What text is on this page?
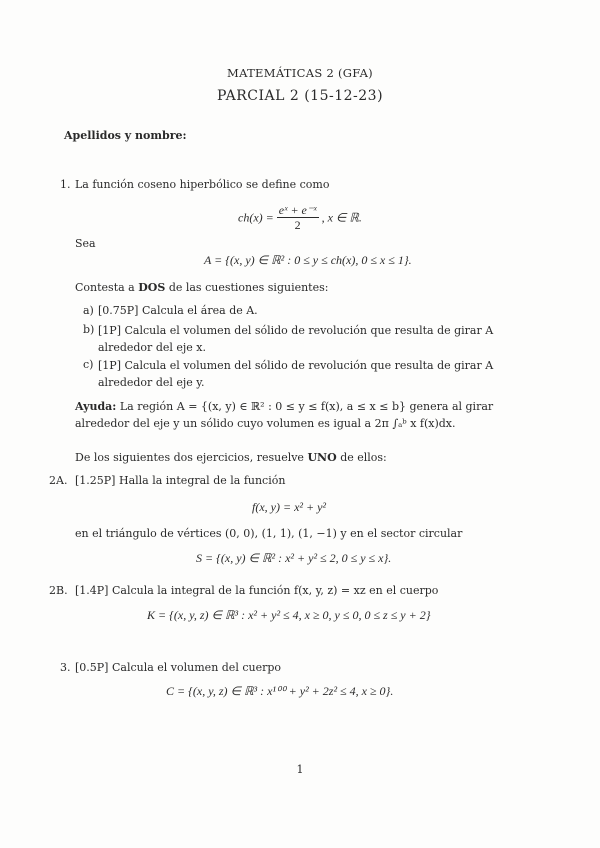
MATEMÁTICAS 2 (GFA)
PARCIAL 2 (15-12-23)
Apellidos y nombre:
1. La función coseno hiperbólico se define como
$ch(x) = \frac{\text{eˣ + e⁻ˣ}}{2}$ , x ∈ ℝ.
Sea
A = {(x, y) ∈ ℝ² : 0 ≤ y ≤ ch(x), 0 ≤ x ≤ 1}.
Contesta a DOS de las cuestiones siguientes:
a) [0.75P] Calcula el área de A.
b) [1P] Calcula el volumen del sólido de revolución que resulta de girar A alrededor del eje x.
c) [1P] Calcula el volumen del sólido de revolución que resulta de girar A alrededor del eje y.
Ayuda: La región A = {(x, y) ∈ ℝ² : 0 ≤ y ≤ f(x), a ≤ x ≤ b} genera al girar alrededor del eje y un sólido cuyo volumen es igual a 2π ∫ₐᵇ x f(x)dx.
De los siguientes dos ejercicios, resuelve UNO de ellos:
2A. [1.25P] Halla la integral de la función
f(x, y) = x² + y²
en el triángulo de vértices (0, 0), (1, 1), (1, −1) y en el sector circular
S = {(x, y) ∈ ℝ² : x² + y² ≤ 2, 0 ≤ y ≤ x}.
2B. [1.4P] Calcula la integral de la función f(x, y, z) = xz en el cuerpo
K = {(x, y, z) ∈ ℝ³ : x² + y² ≤ 4, x ≥ 0, y ≤ 0, 0 ≤ z ≤ y + 2}
3. [0.5P] Calcula el volumen del cuerpo
C = {(x, y, z) ∈ ℝ³ : x¹⁰⁰ + y² + 2z² ≤ 4, x ≥ 0}.
1
